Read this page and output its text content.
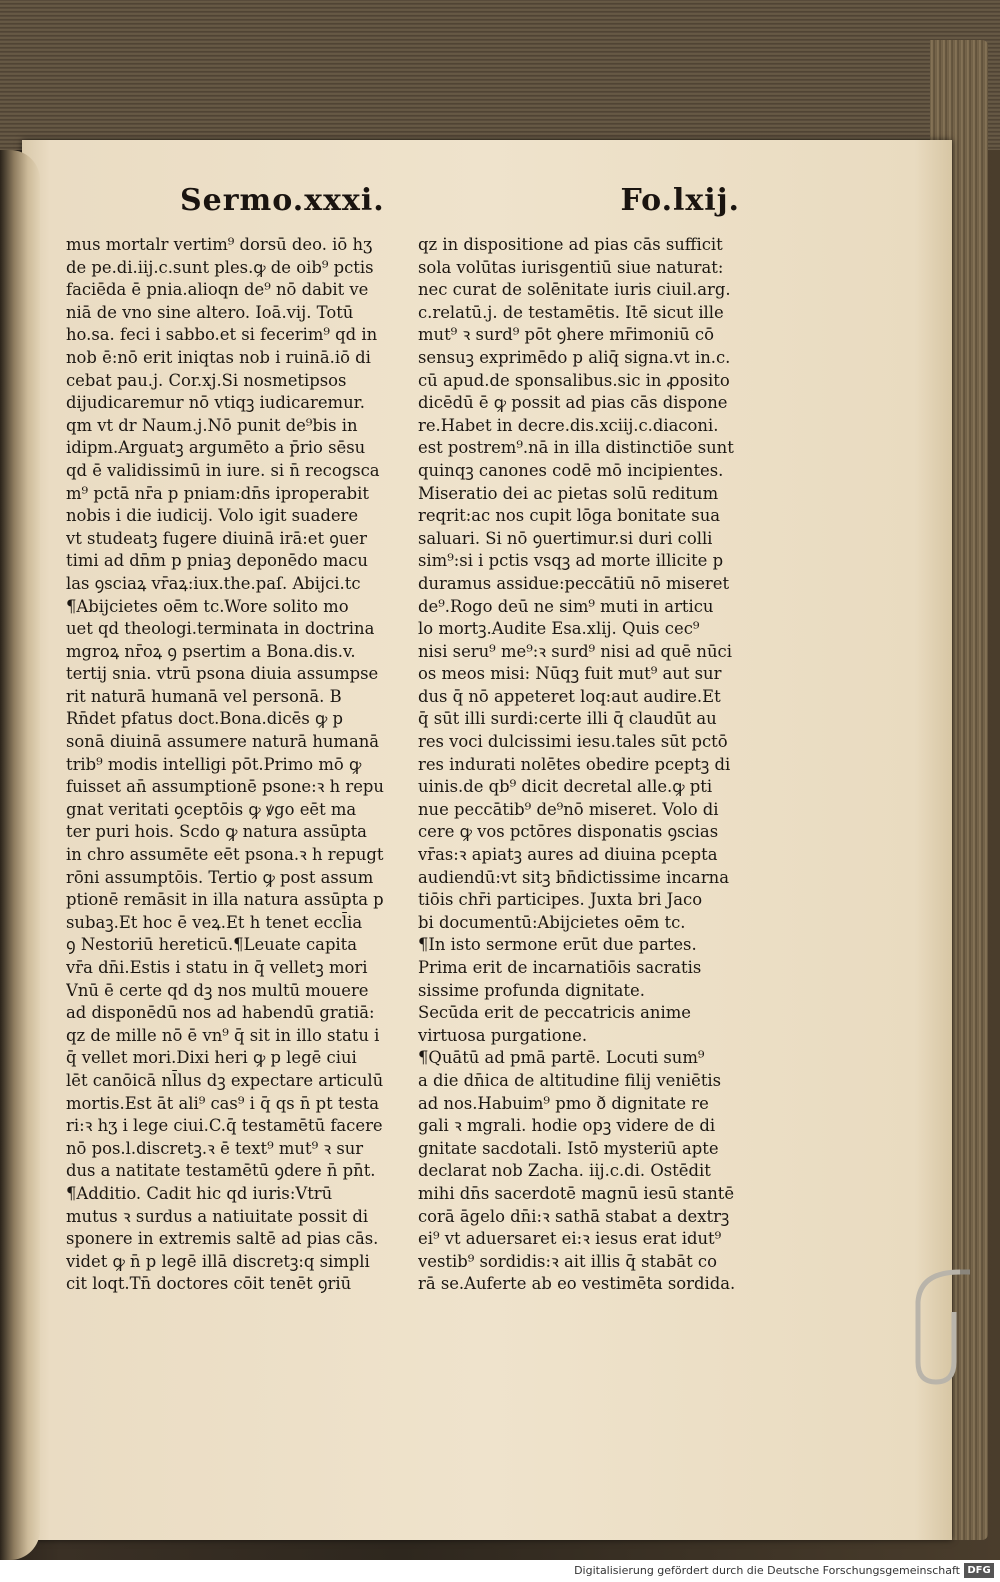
Sermo.xxxi.	Fo.lxij.
mus mortalr vertim⁹ dorsū deo. iō hʒ
de pe.di.iij.c.sunt ples.ꝙ de oib⁹ pctis
faciēda ē pnia.alioqn de⁹ nō dabit ve
niā de vno sine altero. Ioā.vij. Totū
ho.sa. feci i sabbo.et si fecerim⁹ qd in
nob ē:nō erit iniqtas nob i ruinā.iō di
cebat pau.j. Cor.xj.Si nosmetipsos
dijudicaremur nō vtiqꝫ iudicaremur.
qm vt dr Naum.j.Nō punit de⁹bis in
idipm.Arguatꝫ argumēto a p̄rio sēsu
qd ē validissimū in iure. si n̄ recogsca
m⁹ pctā nr̄a p pniam:dn̄s iproperabit
nobis i die iudicij. Volo igit suadere
vt studeatꝫ fugere diuinā irā:et ꝯuer
timi ad dn̄m p pniaꝫ deponēdo macu
las ꝯsciaꝝ vr̄aꝝ:iux.the.paſ. Abijci.tc
¶Abijcietes oēm tc.Wore solito mo
uet qd theologi.terminata in doctrina
mgroꝝ nr̄oꝝ ꝯ psertim a Bona.dis.v.
tertij snia. vtrū psona diuia assumpse
rit naturā humanā vel personā. B
Rn̄det pfatus doct.Bona.dicēs ꝙ p
sonā diuinā assumere naturā humanā
trib⁹ modis intelligi pōt.Primo mō ꝙ
fuisset an̄ assumptionē psone:ꝛ h repu
gnat veritati ꝯceptōis ꝙ ꝟgo eēt ma
ter puri hois. Scdo ꝙ natura assūpta
in chro assumēte eēt psona.ꝛ h repugt
rōni assumptōis. Tertio ꝙ post assum
ptionē remāsit in illa natura assūpta p
subaꝫ.Et hoc ē veꝝ.Et h tenet eccl̄ia
ꝯ Nestoriū hereticū.¶Leuate capita
vr̄a dn̄i.Estis i statu in q̄ velletꝫ mori
Vnū ē certe qd dꝫ nos multū mouere
ad disponēdū nos ad habendū gratiā:
qz de mille nō ē vn⁹ q̄ sit in illo statu i
q̄ vellet mori.Dixi heri ꝙ p legē ciui
lēt canōicā nl̄lus dꝫ expectare articulū
mortis.Est āt ali⁹ cas⁹ i q̄ qs n̄ pt testa
ri:ꝛ hʒ i lege ciui.C.q̄ testamētū facere
nō pos.l.discretꝫ.ꝛ ē text⁹ mut⁹ ꝛ sur
dus a natitate testamētū ꝯdere n̄ pn̄t.
¶Additio. Cadit hic qd iuris:Vtrū
mutus ꝛ surdus a natiuitate possit di
sponere in extremis saltē ad pias cās.
videt ꝙ n̄ p legē illā discretꝫ:q simpli
cit loqt.Tn̄ doctores cōit tenēt ꝯriū
qz in dispositione ad pias cās sufficit
sola volūtas iurisgentiū siue naturat:
nec curat de solēnitate iuris ciuil.arg.
c.relatū.j. de testamētis. Itē sicut ille
mut⁹ ꝛ surd⁹ pōt ꝯhere mr̄imoniū cō
sensuꝫ exprimēdo p aliq̄ signa.vt in.c.
cū apud.de sponsalibus.sic in ꝓposito
dicēdū ē ꝙ possit ad pias cās dispone
re.Habet in decre.dis.xciij.c.diaconi.
est postrem⁹.nā in illa distinctiōe sunt
quinqꝫ canones codē mō incipientes.
Miseratio dei ac pietas solū reditum
reqrit:ac nos cupit lōga bonitate sua
saluari. Si nō ꝯuertimur.si duri colli
sim⁹:si i pctis vsqꝫ ad morte illicite p
duramus assidue:peccātiū nō miseret
de⁹.Rogo deū ne sim⁹ muti in articu
lo mortꝫ.Audite Esa.xlij. Quis cec⁹
nisi seru⁹ me⁹:ꝛ surd⁹ nisi ad quē nūci
os meos misi: Nūqꝫ fuit mut⁹ aut sur
dus q̄ nō appeteret loq:aut audire.Et
q̄ sūt illi surdi:certe illi q̄ claudūt au
res voci dulcissimi iesu.tales sūt pctō
res indurati nolētes obedire pceptꝫ di
uinis.de qb⁹ dicit decretal alle.ꝙ pti
nue peccātib⁹ de⁹nō miseret. Volo di
cere ꝙ vos pctōres disponatis ꝯscias
vr̄as:ꝛ apiatꝫ aures ad diuina pcepta
audiendū:vt sitꝫ bn̄dictissime incarna
tiōis chr̄i participes. Juxta bri Jaco
bi documentū:Abijcietes oēm tc.
¶In isto sermone erūt due partes.
Prima erit de incarnatiōis sacratis
sissime profunda dignitate.
Secūda erit de peccatricis anime
virtuosa purgatione.
¶Quātū ad pmā partē. Locuti sum⁹
a die dn̄ica de altitudine filij veniētis
ad nos.Habuim⁹ pmo ð dignitate re
gali ꝛ mgrali. hodie opꝫ videre de di
gnitate sacdotali. Istō mysteriū apte
declarat nob Zacha. iij.c.di. Ostēdit
mihi dn̄s sacerdotē magnū iesū stantē
corā āgelo dn̄i:ꝛ sathā stabat a dextrꝫ
ei⁹ vt aduersaret ei:ꝛ iesus erat idut⁹
vestib⁹ sordidis:ꝛ ait illis q̄ stabāt co
rā se.Auferte ab eo vestimēta sordida.
Digitalisierung gefördert durch die Deutsche Forschungsgemeinschaft DFG
